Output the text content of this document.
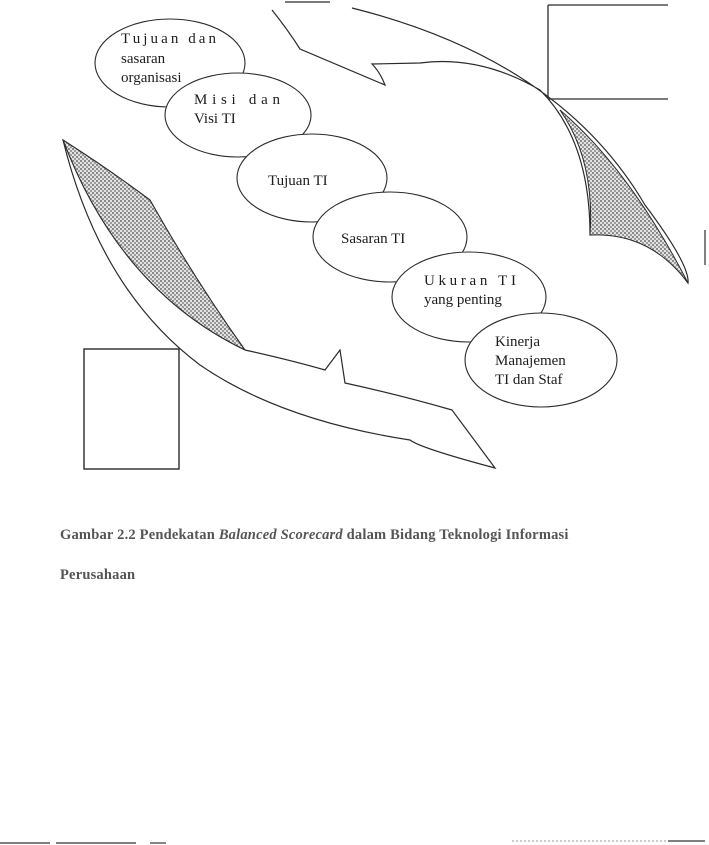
Tujuan dan
sasaran
organisasi
Misi dan
Visi TI
Tujuan TI
Sasaran TI
Ukuran TI
yang penting
Kinerja
Manajemen
TI dan Staf
Gambar 2.2 Pendekatan Balanced Scorecard dalam Bidang Teknologi Informasi
Perusahaan
